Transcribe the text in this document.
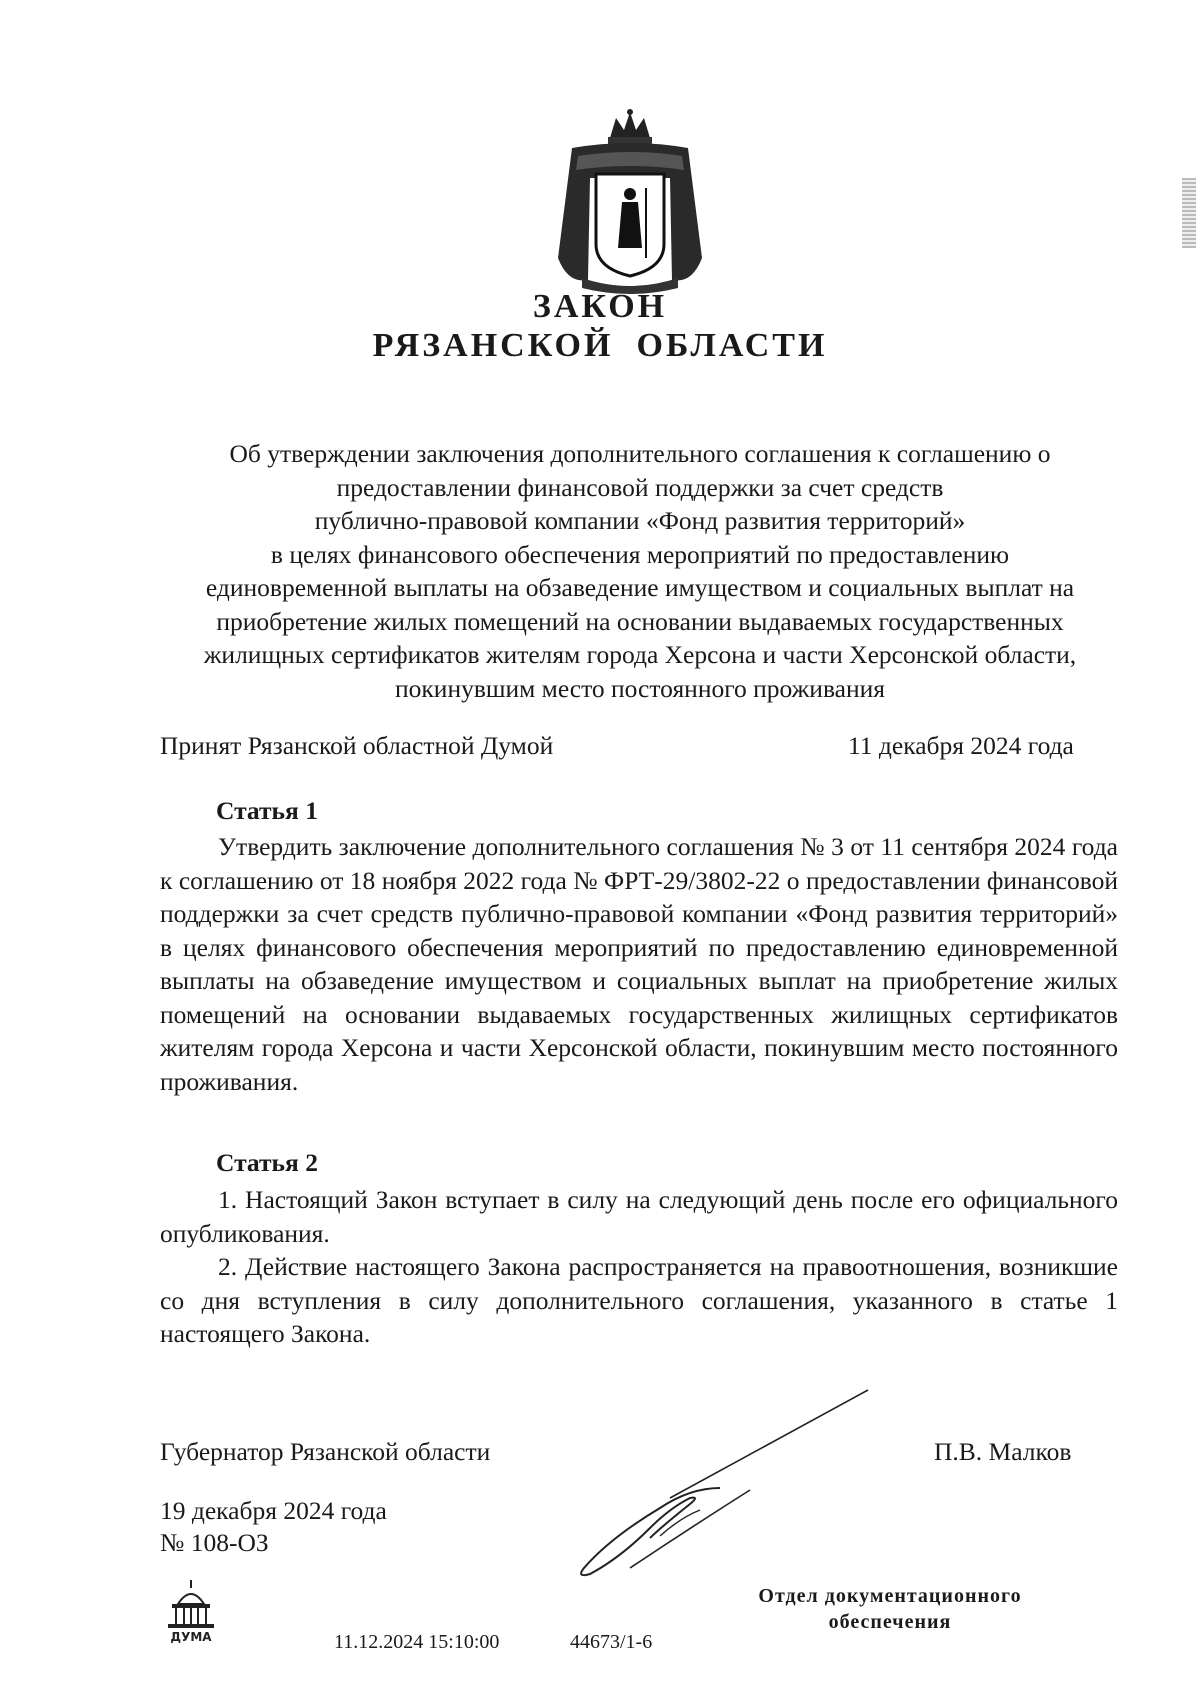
ЗАКОН
РЯЗАНСКОЙ  ОБЛАСТИ
Об утверждении заключения дополнительного соглашения к соглашению о
предоставлении финансовой поддержки за счет средств
публично-правовой компании «Фонд развития территорий»
в целях финансового обеспечения мероприятий по предоставлению
единовременной выплаты на обзаведение имуществом и социальных выплат на
приобретение жилых помещений на основании выдаваемых государственных
жилищных сертификатов жителям города Херсона и части Херсонской области,
покинувшим место постоянного проживания
Принят Рязанской областной Думой	11 декабря 2024 года
Статья 1

Утвердить заключение дополнительного соглашения № 3 от 11 сентября 2024 года к соглашению от 18 ноября 2022 года № ФРТ-29/3802-22 о предоставлении финансовой поддержки за счет средств публично-правовой компании «Фонд развития территорий» в целях финансового обеспечения мероприятий по предоставлению единовременной выплаты на обзаведение имуществом и социальных выплат на приобретение жилых помещений на основании выдаваемых государственных жилищных сертификатов жителям города Херсона и части Херсонской области, покинувшим место постоянного проживания.

Статья 2

1. Настоящий Закон вступает в силу на следующий день после его официального опубликования.

2. Действие настоящего Закона распространяется на правоотношения, возникшие со дня вступления в силу дополнительного соглашения, указанного в статье 1 настоящего Закона.

Губернатор Рязанской области	П.В. Малков
19 декабря 2024 года
№ 108-ОЗ
ДУМА	11.12.2024 15:10:00	44673/1-6
Отдел документационного
обеспечения
